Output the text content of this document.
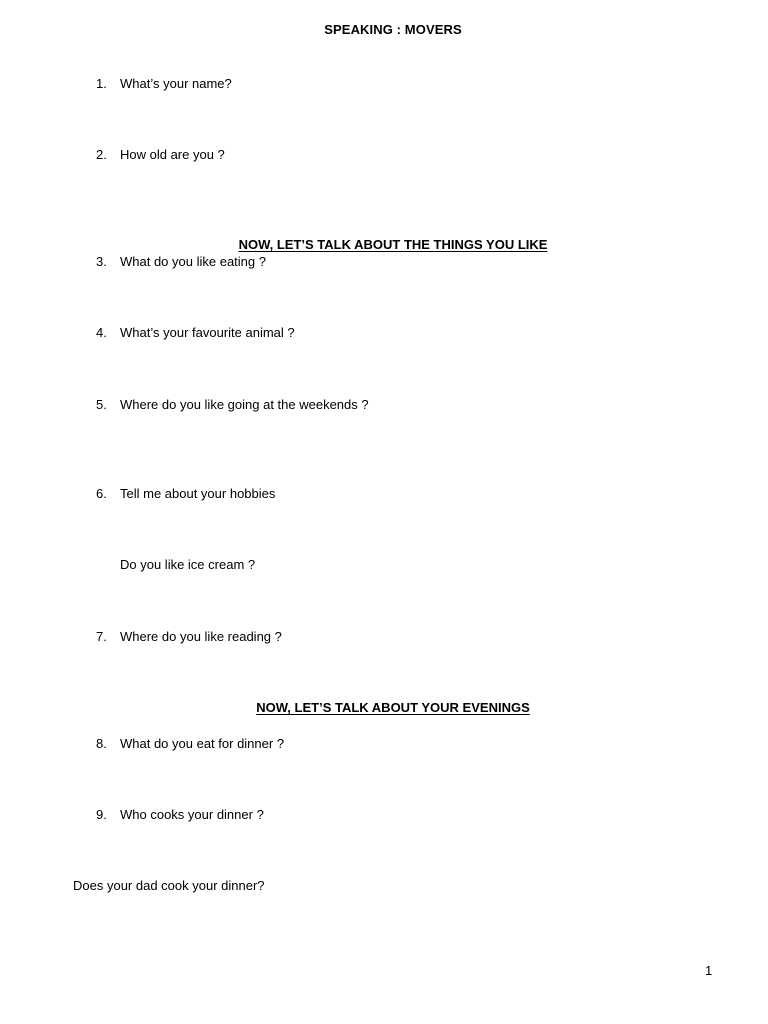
SPEAKING : MOVERS
1. What’s your name?
2. How old are you ?
NOW, LET’S TALK ABOUT THE THINGS YOU LIKE
3. What do you like eating ?
4. What’s your favourite animal ?
5. Where do you like going at the weekends ?
6. Tell me about your hobbies
Do you like ice cream ?
7. Where do you like reading ?
NOW, LET’S TALK ABOUT YOUR EVENINGS
8. What do you eat for dinner ?
9. Who cooks your dinner ?
Does your dad cook your dinner?
1
